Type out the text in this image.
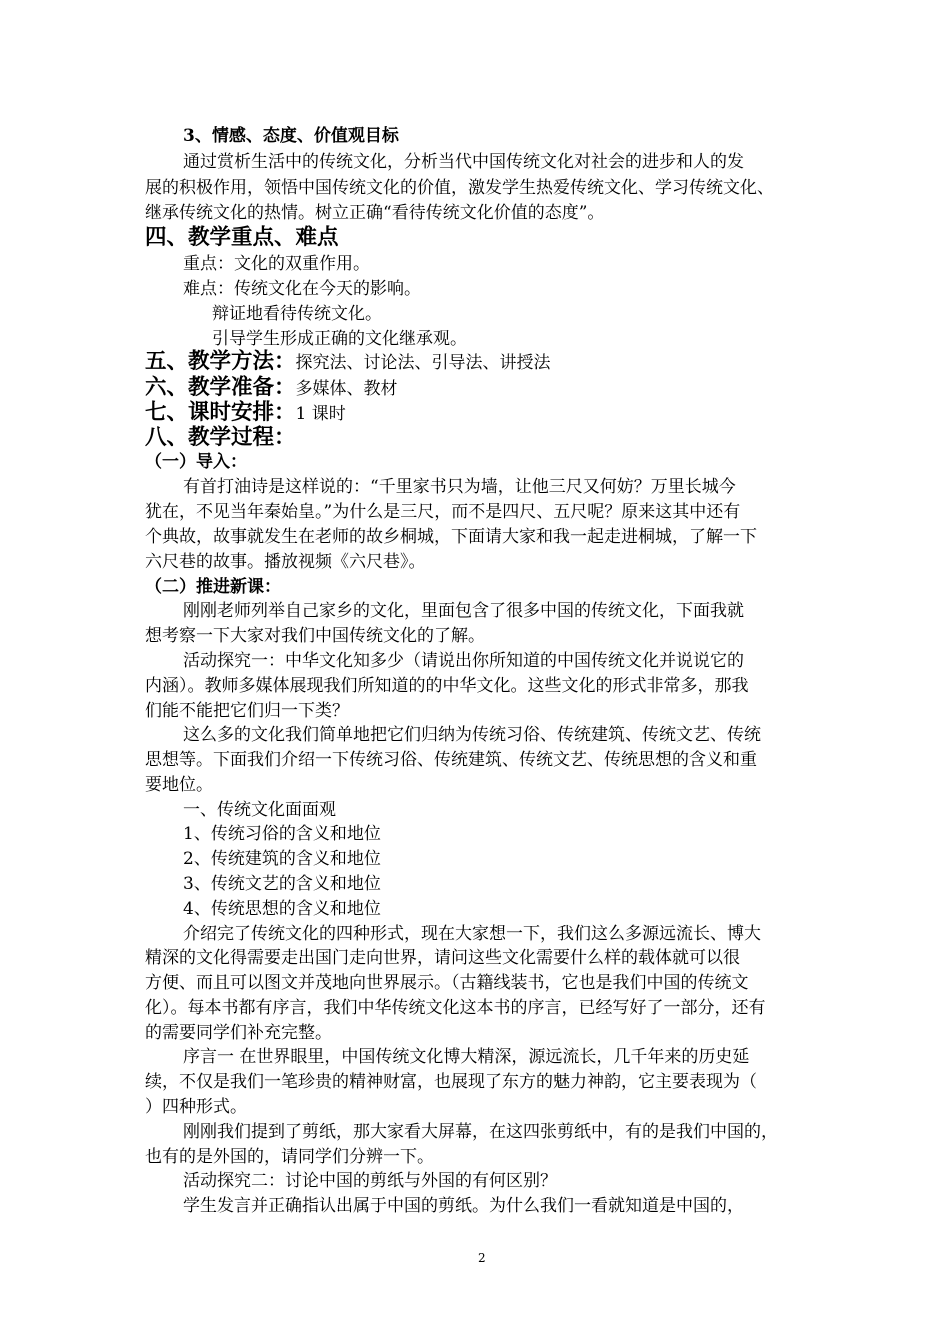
3、情感、态度、价值观目标
通过赏析生活中的传统文化，分析当代中国传统文化对社会的进步和人的发
展的积极作用，领悟中国传统文化的价值，激发学生热爱传统文化、学习传统文化、
继承传统文化的热情。树立正确“看待传统文化价值的态度”。
四、教学重点、难点
重点：文化的双重作用。
难点：传统文化在今天的影响。
辩证地看待传统文化。
引导学生形成正确的文化继承观。
五、教学方法：探究法、讨论法、引导法、讲授法
六、教学准备：多媒体、教材
七、课时安排：1 课时
八、教学过程：
（一）导入：
有首打油诗是这样说的：“千里家书只为墙，让他三尺又何妨？万里长城今
犹在，不见当年秦始皇。”为什么是三尺，而不是四尺、五尺呢？原来这其中还有
个典故，故事就发生在老师的故乡桐城，下面请大家和我一起走进桐城，了解一下
六尺巷的故事。播放视频《六尺巷》。
（二）推进新课：
刚刚老师列举自己家乡的文化，里面包含了很多中国的传统文化，下面我就
想考察一下大家对我们中国传统文化的了解。
活动探究一：中华文化知多少（请说出你所知道的中国传统文化并说说它的
内涵）。教师多媒体展现我们所知道的的中华文化。这些文化的形式非常多，那我
们能不能把它们归一下类？
这么多的文化我们简单地把它们归纳为传统习俗、传统建筑、传统文艺、传统
思想等。下面我们介绍一下传统习俗、传统建筑、传统文艺、传统思想的含义和重
要地位。
一、传统文化面面观
1、传统习俗的含义和地位
2、传统建筑的含义和地位
3、传统文艺的含义和地位
4、传统思想的含义和地位
介绍完了传统文化的四种形式，现在大家想一下，我们这么多源远流长、博大
精深的文化得需要走出国门走向世界，请问这些文化需要什么样的载体就可以很
方便、而且可以图文并茂地向世界展示。（古籍线装书，它也是我们中国的传统文
化）。每本书都有序言，我们中华传统文化这本书的序言，已经写好了一部分，还有
的需要同学们补充完整。
序言一 在世界眼里，中国传统文化博大精深，源远流长，几千年来的历史延
续，不仅是我们一笔珍贵的精神财富，也展现了东方的魅力神韵，它主要表现为（
）四种形式。
刚刚我们提到了剪纸，那大家看大屏幕，在这四张剪纸中，有的是我们中国的，
也有的是外国的，请同学们分辨一下。
活动探究二：讨论中国的剪纸与外国的有何区别？
学生发言并正确指认出属于中国的剪纸。为什么我们一看就知道是中国的，
2
